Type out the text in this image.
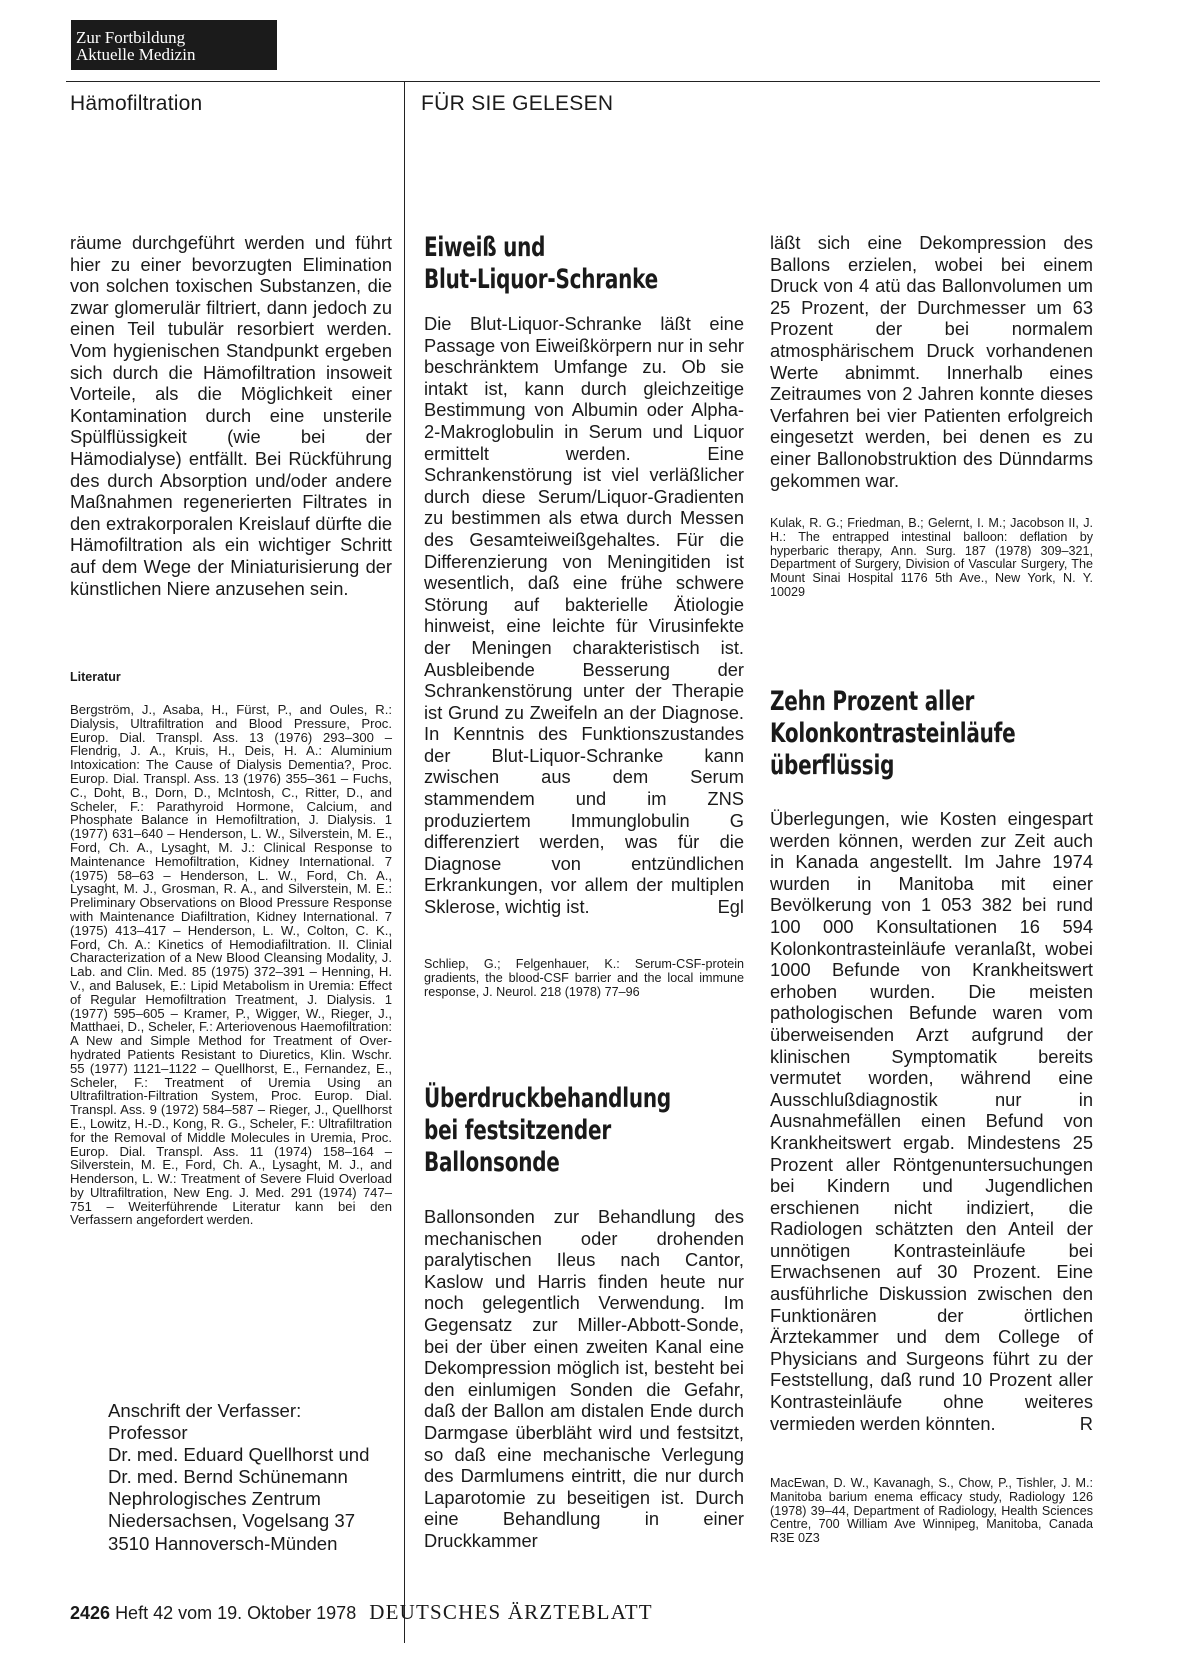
Zur Fortbildung
Aktuelle Medizin
Hämofiltration	FÜR SIE GELESEN
räume durchgeführt werden und führt hier zu einer bevorzugten Elimination von solchen toxischen Substanzen, die zwar glomerulär filtriert, dann jedoch zu einen Teil tubulär resorbiert werden. Vom hygienischen Standpunkt ergeben sich durch die Hämofiltration insoweit Vorteile, als die Möglichkeit einer Kontamination durch eine unsterile Spülflüssigkeit (wie bei der Hämodialyse) entfällt. Bei Rückführung des durch Absorption und/oder andere Maßnahmen regenerierten Filtrates in den extrakorporalen Kreislauf dürfte die Hämofiltration als ein wichtiger Schritt auf dem Wege der Miniaturisierung der künstlichen Niere anzusehen sein.
Literatur
Bergström, J., Asaba, H., Fürst, P., and Oules, R.: Dialysis, Ultrafiltration and Blood Pressure, Proc. Europ. Dial. Transpl. Ass. 13 (1976) 293–300 – Flendrig, J. A., Kruis, H., Deis, H. A.: Aluminium Intoxication: The Cause of Dialysis Dementia?, Proc. Europ. Dial. Transpl. Ass. 13 (1976) 355–361 – Fuchs, C., Doht, B., Dorn, D., McIntosh, C., Ritter, D., and Scheler, F.: Parathyroid Hormone, Calcium, and Phosphate Balance in Hemofiltration, J. Dialysis. 1 (1977) 631–640 – Henderson, L. W., Silverstein, M. E., Ford, Ch. A., Lysaght, M. J.: Clinical Response to Maintenance Hemofiltration, Kidney International. 7 (1975) 58–63 – Henderson, L. W., Ford, Ch. A., Lysaght, M. J., Grosman, R. A., and Silverstein, M. E.: Preliminary Observations on Blood Pressure Response with Maintenance Diafiltration, Kidney International. 7 (1975) 413–417 – Henderson, L. W., Colton, C. K., Ford, Ch. A.: Kinetics of Hemodiafiltration. II. Clinial Characterization of a New Blood Cleansing Modality, J. Lab. and Clin. Med. 85 (1975) 372–391 – Henning, H. V., and Balusek, E.: Lipid Metabolism in Uremia: Effect of Regular Hemofiltration Treatment, J. Dialysis. 1 (1977) 595–605 – Kramer, P., Wigger, W., Rieger, J., Matthaei, D., Scheler, F.: Arteriovenous Haemofiltration: A New and Simple Method for Treatment of Over-hydrated Patients Resistant to Diuretics, Klin. Wschr. 55 (1977) 1121–1122 – Quellhorst, E., Fernandez, E., Scheler, F.: Treatment of Uremia Using an Ultrafiltration-Filtration System, Proc. Europ. Dial. Transpl. Ass. 9 (1972) 584–587 – Rieger, J., Quellhorst E., Lowitz, H.-D., Kong, R. G., Scheler, F.: Ultrafiltration for the Removal of Middle Molecules in Uremia, Proc. Europ. Dial. Transpl. Ass. 11 (1974) 158–164 – Silverstein, M. E., Ford, Ch. A., Lysaght, M. J., and Henderson, L. W.: Treatment of Severe Fluid Overload by Ultrafiltration, New Eng. J. Med. 291 (1974) 747–751 – Weiterführende Literatur kann bei den Verfassern angefordert werden.
Anschrift der Verfasser:
Professor
Dr. med. Eduard Quellhorst und
Dr. med. Bernd Schünemann
Nephrologisches Zentrum
Niedersachsen, Vogelsang 37
3510 Hannoversch-Münden
Eiweiß und
Blut-Liquor-Schranke
Die Blut-Liquor-Schranke läßt eine Passage von Eiweißkörpern nur in sehr beschränktem Umfange zu. Ob sie intakt ist, kann durch gleichzeitige Bestimmung von Albumin oder Alpha-2-Makroglobulin in Serum und Liquor ermittelt werden. Eine Schrankenstörung ist viel verläßlicher durch diese Serum/Liquor-Gradienten zu bestimmen als etwa durch Messen des Gesamteiweißgehaltes. Für die Differenzierung von Meningitiden ist wesentlich, daß eine frühe schwere Störung auf bakterielle Ätiologie hinweist, eine leichte für Virusinfekte der Meningen charakteristisch ist. Ausbleibende Besserung der Schrankenstörung unter der Therapie ist Grund zu Zweifeln an der Diagnose. In Kenntnis des Funktionszustandes der Blut-Liquor-Schranke kann zwischen aus dem Serum stammendem und im ZNS produziertem Immunglobulin G differenziert werden, was für die Diagnose von entzündlichen Erkrankungen, vor allem der multiplen Sklerose, wichtig ist.	Egl
Schliep, G.; Felgenhauer, K.: Serum-CSF-protein gradients, the blood-CSF barrier and the local immune response, J. Neurol. 218 (1978) 77–96
Überdruckbehandlung
bei festsitzender
Ballonsonde
Ballonsonden zur Behandlung des mechanischen oder drohenden paralytischen Ileus nach Cantor, Kaslow und Harris finden heute nur noch gelegentlich Verwendung. Im Gegensatz zur Miller-Abbott-Sonde, bei der über einen zweiten Kanal eine Dekompression möglich ist, besteht bei den einlumigen Sonden die Gefahr, daß der Ballon am distalen Ende durch Darmgase überbläht wird und festsitzt, so daß eine mechanische Verlegung des Darmlumens eintritt, die nur durch Laparotomie zu beseitigen ist. Durch eine Behandlung in einer Druckkammer
läßt sich eine Dekompression des Ballons erzielen, wobei bei einem Druck von 4 atü das Ballonvolumen um 25 Prozent, der Durchmesser um 63 Prozent der bei normalem atmosphärischem Druck vorhandenen Werte abnimmt. Innerhalb eines Zeitraumes von 2 Jahren konnte dieses Verfahren bei vier Patienten erfolgreich eingesetzt werden, bei denen es zu einer Ballonobstruktion des Dünndarms gekommen war.
Kulak, R. G.; Friedman, B.; Gelernt, I. M.; Jacobson II, J. H.: The entrapped intestinal balloon: deflation by hyperbaric therapy, Ann. Surg. 187 (1978) 309–321, Department of Surgery, Division of Vascular Surgery, The Mount Sinai Hospital 1176 5th Ave., New York, N. Y. 10029
Zehn Prozent aller
Kolonkontrasteinläufe
überflüssig
Überlegungen, wie Kosten eingespart werden können, werden zur Zeit auch in Kanada angestellt. Im Jahre 1974 wurden in Manitoba mit einer Bevölkerung von 1 053 382 bei rund 100 000 Konsultationen 16 594 Kolonkontrasteinläufe veranlaßt, wobei 1000 Befunde von Krankheitswert erhoben wurden. Die meisten pathologischen Befunde waren vom überweisenden Arzt aufgrund der klinischen Symptomatik bereits vermutet worden, während eine Ausschlußdiagnostik nur in Ausnahmefällen einen Befund von Krankheitswert ergab. Mindestens 25 Prozent aller Röntgenuntersuchungen bei Kindern und Jugendlichen erschienen nicht indiziert, die Radiologen schätzten den Anteil der unnötigen Kontrasteinläufe bei Erwachsenen auf 30 Prozent. Eine ausführliche Diskussion zwischen den Funktionären der örtlichen Ärztekammer und dem College of Physicians and Surgeons führt zu der Feststellung, daß rund 10 Prozent aller Kontrasteinläufe ohne weiteres vermieden werden könnten.	R
MacEwan, D. W., Kavanagh, S., Chow, P., Tishler, J. M.: Manitoba barium enema efficacy study, Radiology 126 (1978) 39–44, Department of Radiology, Health Sciences Centre, 700 William Ave Winnipeg, Manitoba, Canada R3E 0Z3
2426 Heft 42 vom 19. Oktober 1978 DEUTSCHES ÄRZTEBLATT
